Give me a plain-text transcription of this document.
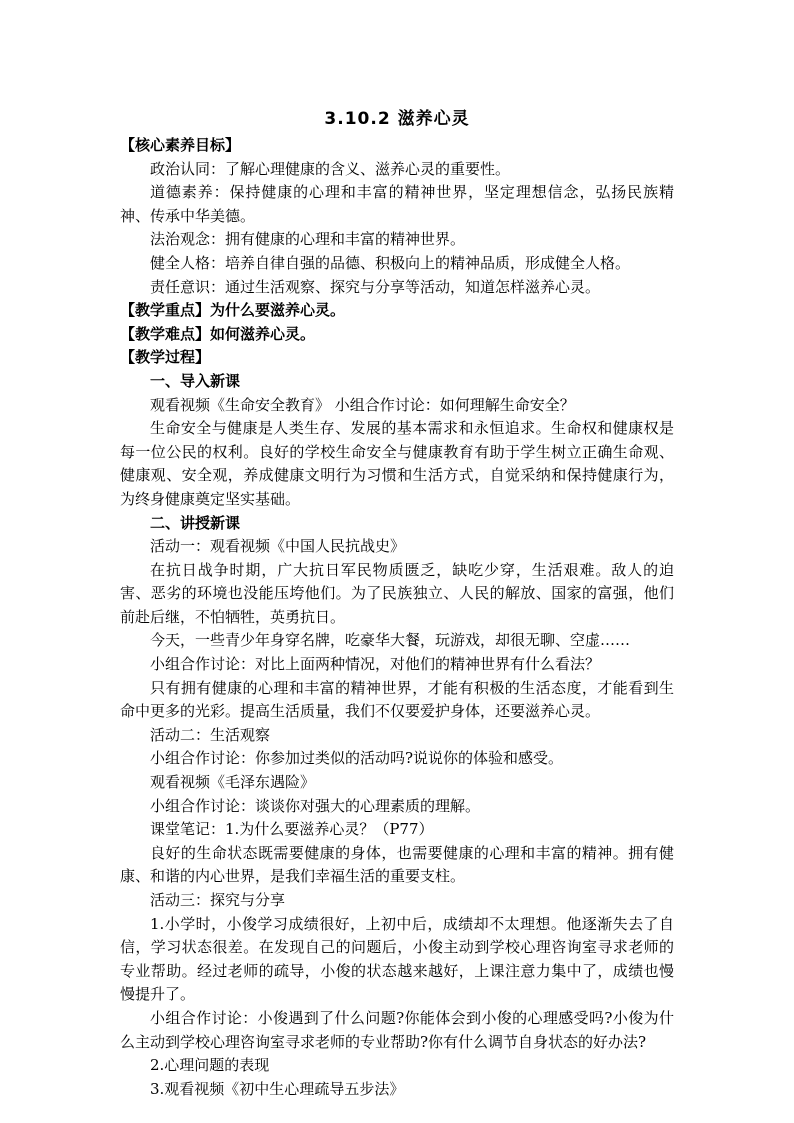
3.10.2 滋养心灵

【核心素养目标】

政治认同：了解心理健康的含义、滋养心灵的重要性。

道德素养：保持健康的心理和丰富的精神世界，坚定理想信念，弘扬民族精神、传承中华美德。

法治观念：拥有健康的心理和丰富的精神世界。

健全人格：培养自律自强的品德、积极向上的精神品质，形成健全人格。

责任意识：通过生活观察、探究与分享等活动，知道怎样滋养心灵。

【教学重点】为什么要滋养心灵。

【教学难点】如何滋养心灵。

【教学过程】

一、导入新课

观看视频《生命安全教育》 小组合作讨论：如何理解生命安全？

生命安全与健康是人类生存、发展的基本需求和永恒追求。生命权和健康权是每一位公民的权利。良好的学校生命安全与健康教育有助于学生树立正确生命观、健康观、安全观，养成健康文明行为习惯和生活方式，自觉采纳和保持健康行为，为终身健康奠定坚实基础。

二、讲授新课

活动一：观看视频《中国人民抗战史》

在抗日战争时期，广大抗日军民物质匮乏，缺吃少穿，生活艰难。敌人的迫害、恶劣的环境也没能压垮他们。为了民族独立、人民的解放、国家的富强，他们前赴后继，不怕牺牲，英勇抗日。

今天，一些青少年身穿名牌，吃豪华大餐，玩游戏，却很无聊、空虚……

小组合作讨论：对比上面两种情况，对他们的精神世界有什么看法？

只有拥有健康的心理和丰富的精神世界，才能有积极的生活态度，才能看到生命中更多的光彩。提高生活质量，我们不仅要爱护身体，还要滋养心灵。

活动二：生活观察

小组合作讨论：你参加过类似的活动吗?说说你的体验和感受。

观看视频《毛泽东遇险》

小组合作讨论：谈谈你对强大的心理素质的理解。

课堂笔记：1.为什么要滋养心灵？（P77）

良好的生命状态既需要健康的身体，也需要健康的心理和丰富的精神。拥有健康、和谐的内心世界，是我们幸福生活的重要支柱。

活动三：探究与分享

1.小学时，小俊学习成绩很好，上初中后，成绩却不太理想。他逐渐失去了自信，学习状态很差。在发现自己的问题后，小俊主动到学校心理咨询室寻求老师的专业帮助。经过老师的疏导，小俊的状态越来越好，上课注意力集中了，成绩也慢慢提升了。

小组合作讨论：小俊遇到了什么问题?你能体会到小俊的心理感受吗?小俊为什么主动到学校心理咨询室寻求老师的专业帮助?你有什么调节自身状态的好办法?

2.心理问题的表现

3.观看视频《初中生心理疏导五步法》
